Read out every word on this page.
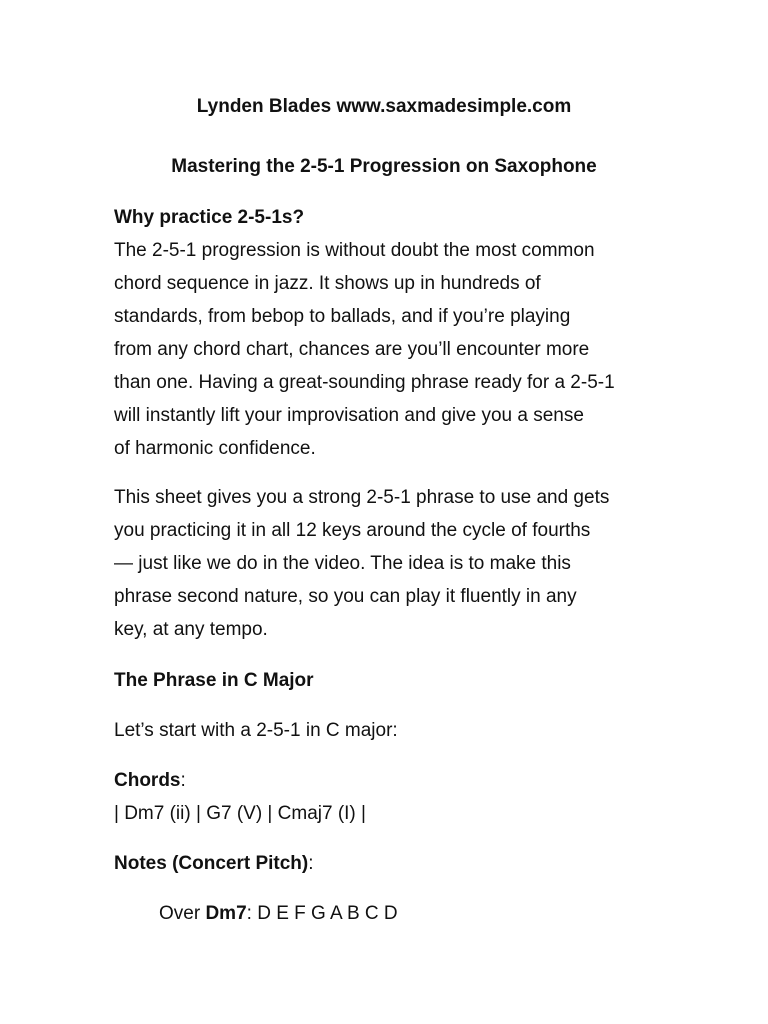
Lynden Blades www.saxmadesimple.com
Mastering the 2-5-1 Progression on Saxophone
Why practice 2-5-1s?
The 2-5-1 progression is without doubt the most common
chord sequence in jazz. It shows up in hundreds of
standards, from bebop to ballads, and if you’re playing
from any chord chart, chances are you’ll encounter more
than one. Having a great-sounding phrase ready for a 2-5-1
will instantly lift your improvisation and give you a sense
of harmonic confidence.
This sheet gives you a strong 2-5-1 phrase to use and gets
you practicing it in all 12 keys around the cycle of fourths
— just like we do in the video. The idea is to make this
phrase second nature, so you can play it fluently in any
key, at any tempo.
The Phrase in C Major
Let’s start with a 2-5-1 in C major:
Chords:
| Dm7 (ii) | G7 (V) | Cmaj7 (I) |
Notes (Concert Pitch):
Over Dm7: D E F G A B C D
